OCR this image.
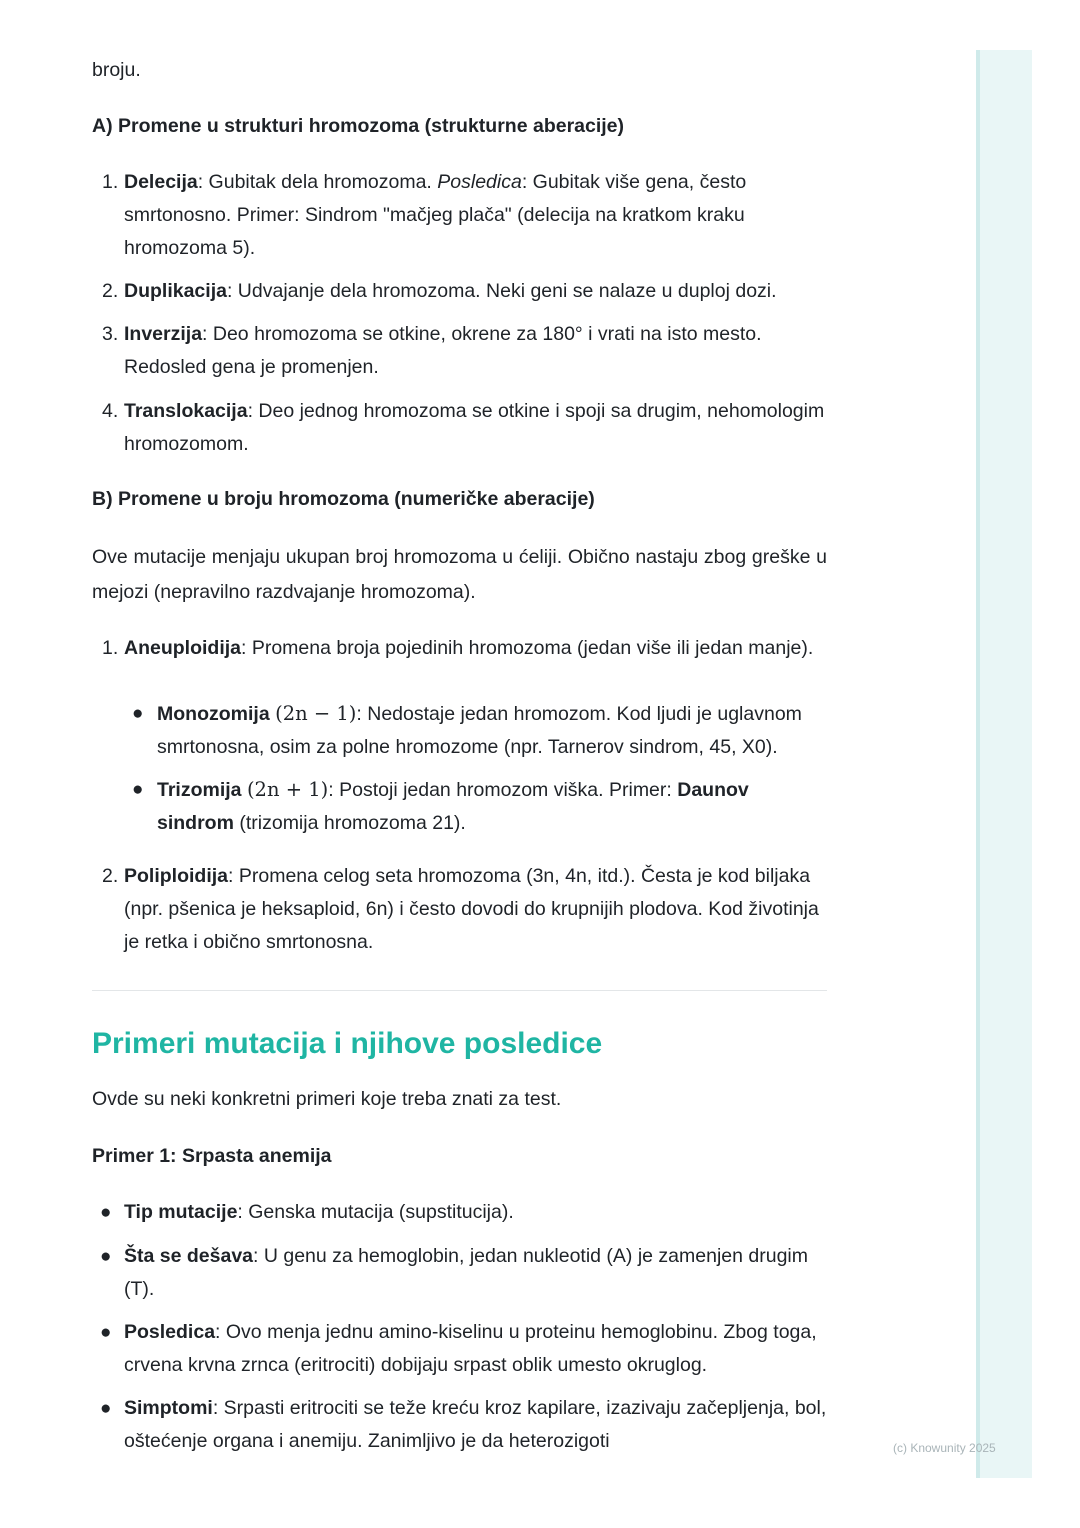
(c) Knowunity 2025

broju.

A) Promene u strukturi hromozoma (strukturne aberacije)

1. Delecija: Gubitak dela hromozoma. Posledica: Gubitak više gena, često smrtonosno. Primer: Sindrom "mačjeg plača" (delecija na kratkom kraku hromozoma 5).
2. Duplikacija: Udvajanje dela hromozoma. Neki geni se nalaze u duploj dozi.
3. Inverzija: Deo hromozoma se otkine, okrene za 180° i vrati na isto mesto. Redosled gena je promenjen.
4. Translokacija: Deo jednog hromozoma se otkine i spoji sa drugim, nehomologim hromozomom.

B) Promene u broju hromozoma (numeričke aberacije)

Ove mutacije menjaju ukupan broj hromozoma u ćeliji. Obično nastaju zbog greške u mejozi (nepravilno razdvajanje hromozoma).

1. Aneuploidija: Promena broja pojedinih hromozoma (jedan više ili jedan manje).
● Monozomija (2n − 1): Nedostaje jedan hromozom. Kod ljudi je uglavnom smrtonosna, osim za polne hromozome (npr. Tarnerov sindrom, 45, X0).
● Trizomija (2n + 1): Postoji jedan hromozom viška. Primer: Daunov sindrom (trizomija hromozoma 21).
2. Poliploidija: Promena celog seta hromozoma (3n, 4n, itd.). Česta je kod biljaka (npr. pšenica je heksaploid, 6n) i često dovodi do krupnijih plodova. Kod životinja je retka i obično smrtonosna.
Primeri mutacija i njihove posledice

Ovde su neki konkretni primeri koje treba znati za test.

Primer 1: Srpasta anemija

● Tip mutacije: Genska mutacija (supstitucija).
● Šta se dešava: U genu za hemoglobin, jedan nukleotid (A) je zamenjen drugim (T).
● Posledica: Ovo menja jednu amino-kiselinu u proteinu hemoglobinu. Zbog toga, crvena krvna zrnca (eritrociti) dobijaju srpast oblik umesto okruglog.
● Simptomi: Srpasti eritrociti se teže kreću kroz kapilare, izazivaju začepljenja, bol, oštećenje organa i anemiju. Zanimljivo je da heterozigoti
